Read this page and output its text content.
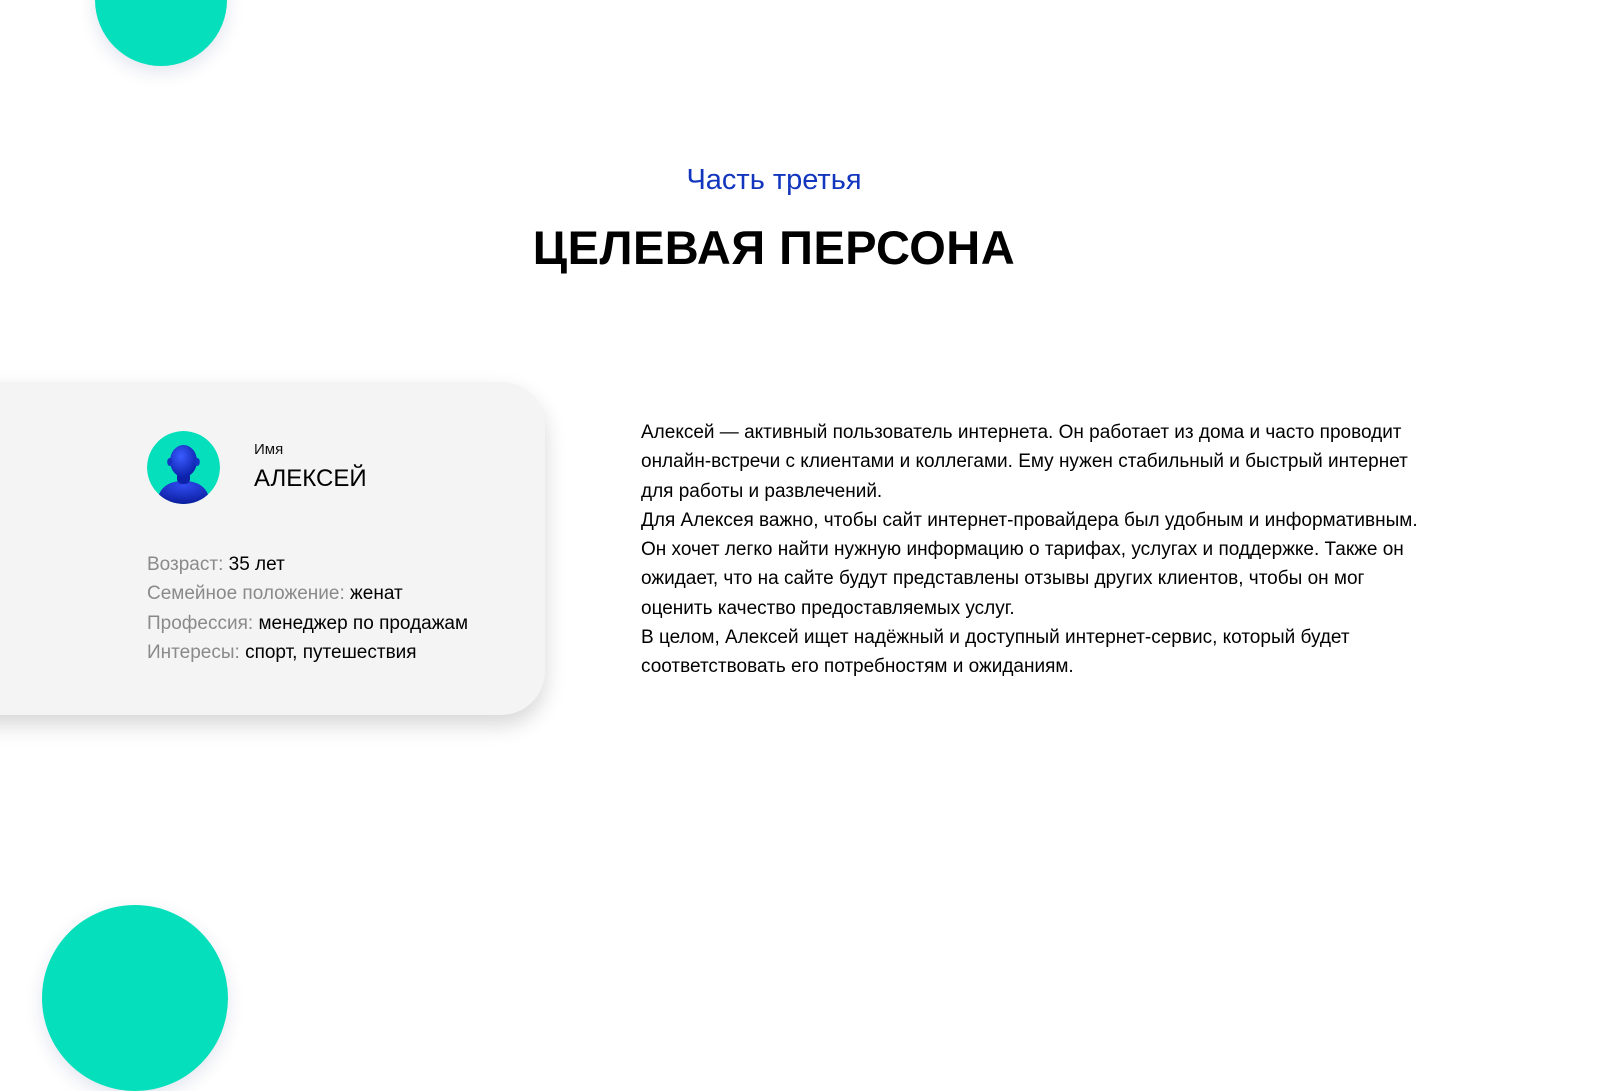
Часть третья
ЦЕЛЕВАЯ ПЕРСОНА
Имя
АЛЕКСЕЙ
Возраст: 35 лет
Семейное положение: женат
Профессия: менеджер по продажам
Интересы: спорт, путешествия

Алексей — активный пользователь интернета. Он работает из дома и часто проводит онлайн-встречи с клиентами и коллегами. Ему нужен стабильный и быстрый интернет для работы и развлечений.

Для Алексея важно, чтобы сайт интернет-провайдера был удобным и информативным. Он хочет легко найти нужную информацию о тарифах, услугах и поддержке. Также он ожидает, что на сайте будут представлены отзывы других клиентов, чтобы он мог оценить качество предоставляемых услуг.

В целом, Алексей ищет надёжный и доступный интернет-сервис, который будет соответствовать его потребностям и ожиданиям.
